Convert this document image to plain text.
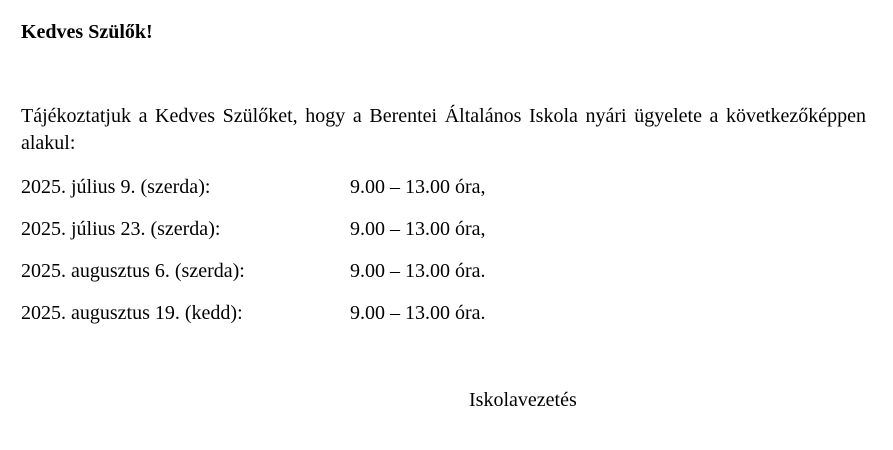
Kedves Szülők!
Tájékoztatjuk a Kedves Szülőket, hogy a Berentei Általános Iskola nyári ügyelete a következőképpen alakul:
2025. július 9. (szerda):	9.00 – 13.00 óra,
2025. július 23. (szerda):	9.00 – 13.00 óra,
2025. augusztus 6. (szerda):	9.00 – 13.00 óra.
2025. augusztus 19. (kedd):	9.00 – 13.00 óra.
Iskolavezetés
